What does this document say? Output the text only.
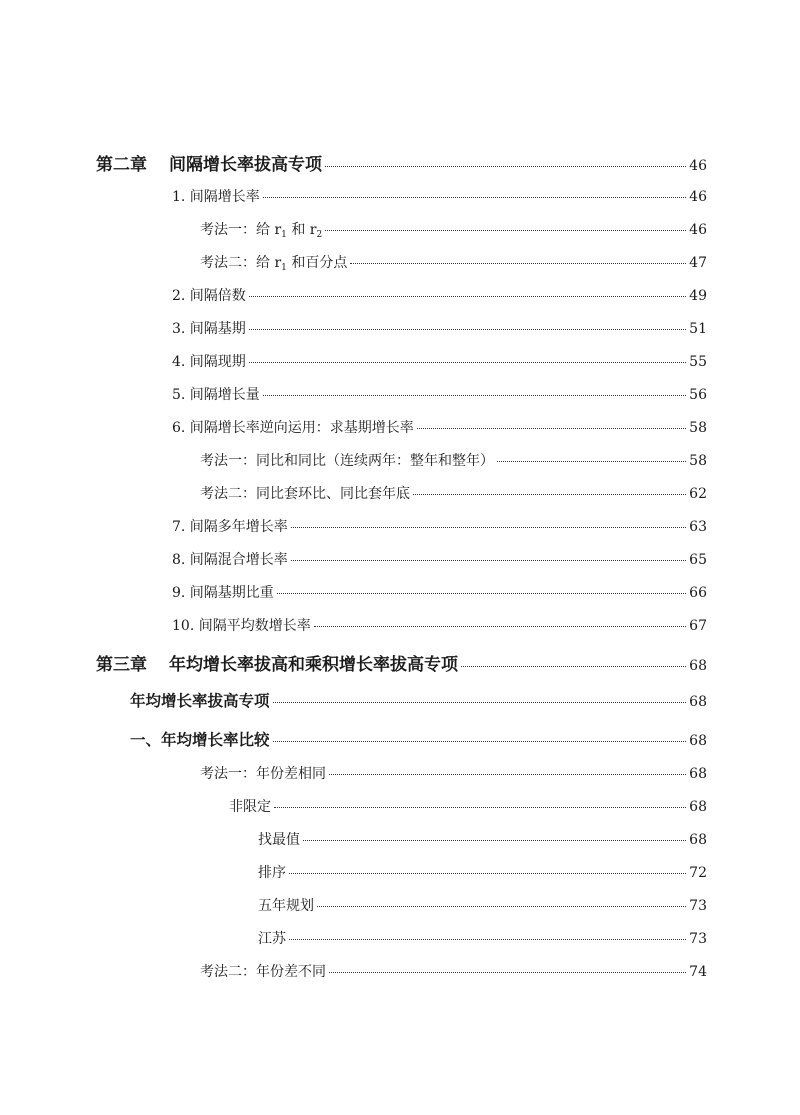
第二章 间隔增长率拔高专项	46
1. 间隔增长率	46
考法一：给 $r_1$ 和 $r_2$	46
考法二：给 $r_1$ 和百分点	47
2. 间隔倍数	49
3. 间隔基期	51
4. 间隔现期	55
5. 间隔增长量	56
6. 间隔增长率逆向运用：求基期增长率	58
考法一：同比和同比（连续两年：整年和整年）	58
考法二：同比套环比、同比套年底	62
7. 间隔多年增长率	63
8. 间隔混合增长率	65
9. 间隔基期比重	66
10. 间隔平均数增长率	67
第三章 年均增长率拔高和乘积增长率拔高专项	68
年均增长率拔高专项	68
一、年均增长率比较	68
考法一：年份差相同	68
非限定	68
找最值	68
排序	72
五年规划	73
江苏	73
考法二：年份差不同	74
